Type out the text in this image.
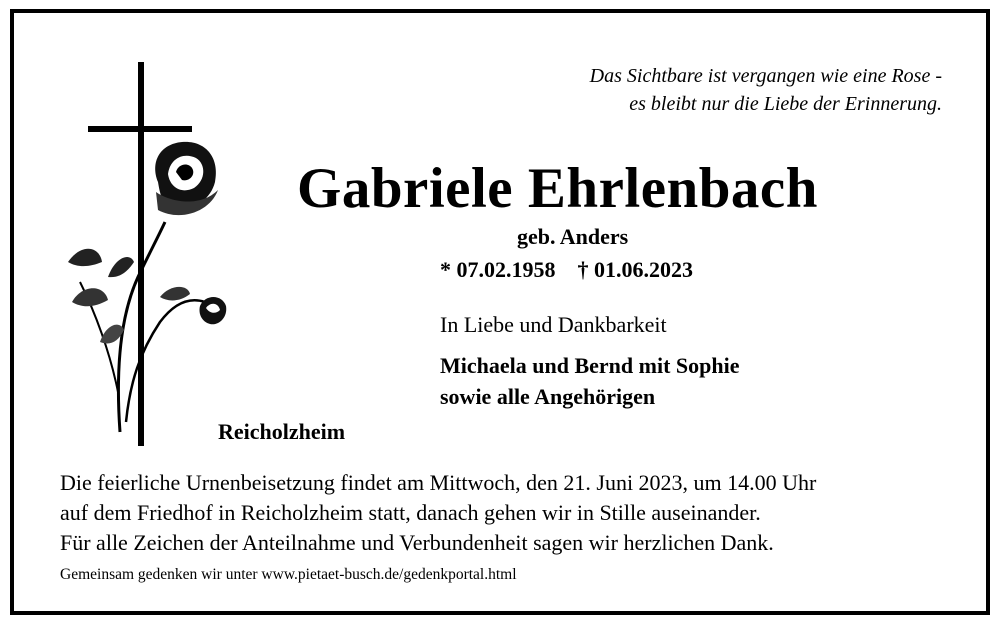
Das Sichtbare ist vergangen wie eine Rose -
es bleibt nur die Liebe der Erinnerung.
Gabriele Ehrlenbach
geb. Anders
* 07.02.1958 † 01.06.2023
In Liebe und Dankbarkeit
Michaela und Bernd mit Sophie
sowie alle Angehörigen
Reicholzheim
Die feierliche Urnenbeisetzung findet am Mittwoch, den 21. Juni 2023, um 14.00 Uhr
auf dem Friedhof in Reicholzheim statt, danach gehen wir in Stille auseinander.
Für alle Zeichen der Anteilnahme und Verbundenheit sagen wir herzlichen Dank.
Gemeinsam gedenken wir unter www.pietaet-busch.de/gedenkportal.html
